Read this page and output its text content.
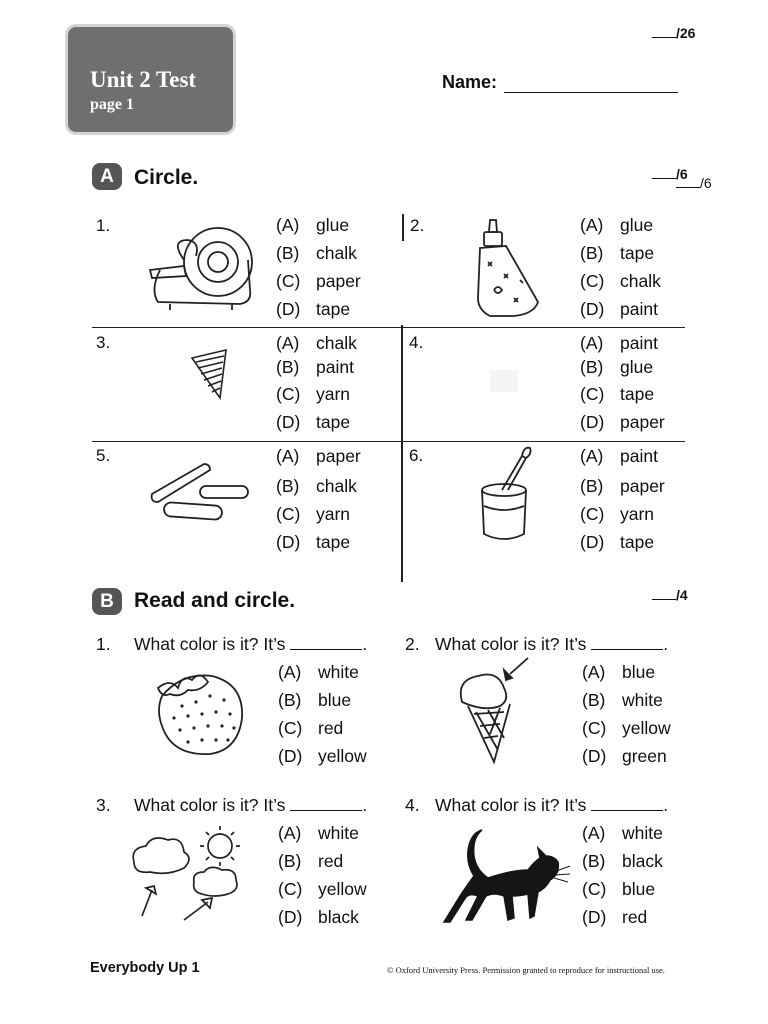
Unit 2 Test
page 1
/26
Name:
A Circle.	/6
/6
1.	(A) glue
(B) chalk
(C) paper
(D) tape
2.	(A) glue
(B) tape
(C) chalk
(D) paint
3.	(A) chalk
(B) paint
(C) yarn
(D) tape
4.	(A) paint
(B) glue
(C) tape
(D) paper
5.	(A) paper
(B) chalk
(C) yarn
(D) tape
6.	(A) paint
(B) paper
(C) yarn
(D) tape
B Read and circle.	/4
1. What color is it? It’s	.
(A) white
(B) blue
(C) red
(D) yellow
2. What color is it? It’s	.
(A) blue
(B) white
(C) yellow
(D) green
3. What color is it? It’s	.
(A) white
(B) red
(C) yellow
(D) black
4. What color is it? It’s	.
(A) white
(B) black
(C) blue
(D) red
Everybody Up 1	© Oxford University Press. Permission granted to reproduce for instructional use.
